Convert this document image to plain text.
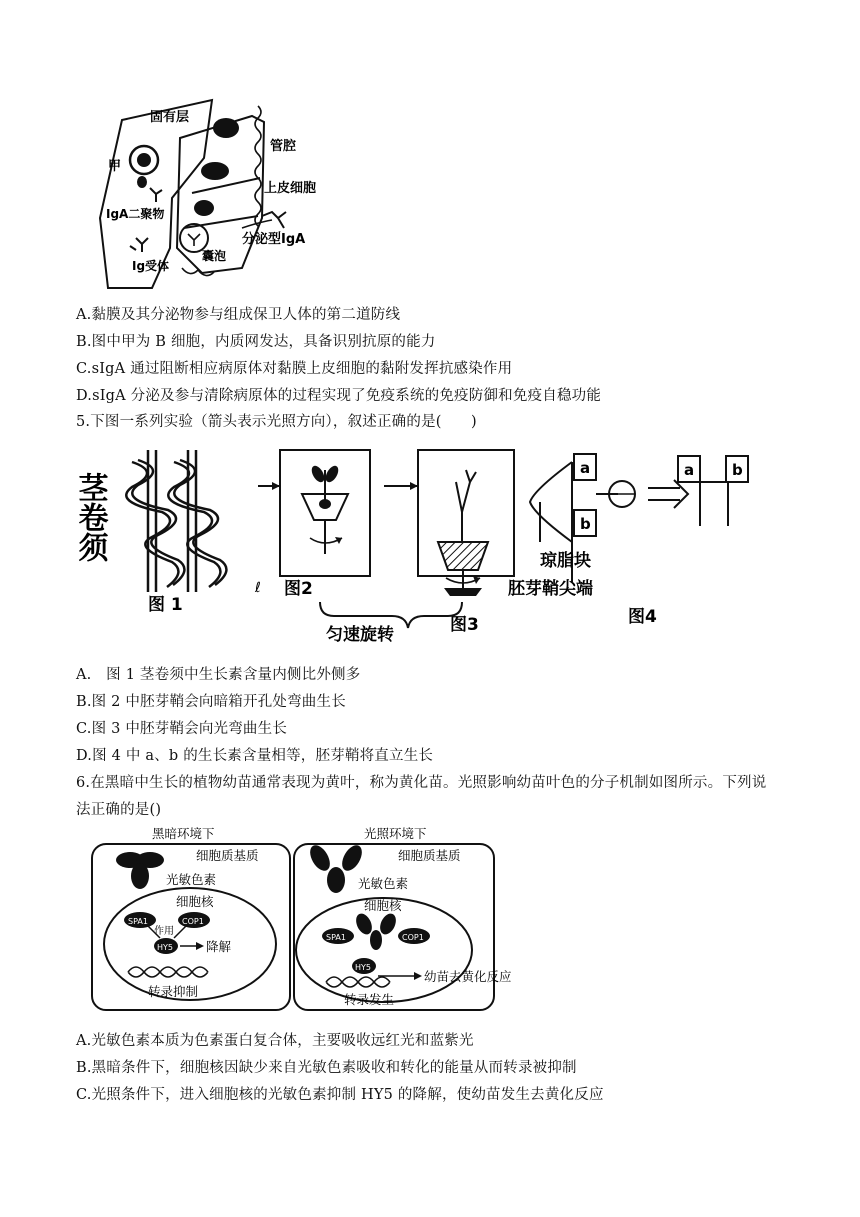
固有层
管腔
甲
上皮细胞
IgA二聚物
分泌型IgA
Ig受体
囊泡
A.黏膜及其分泌物参与组成保卫人体的第二道防线
B.图中甲为 B 细胞，内质网发达，具备识别抗原的能力
C.sIgA 通过阻断相应病原体对黏膜上皮细胞的黏附发挥抗感染作用
D.sIgA 分泌及参与清除病原体的过程实现了免疫系统的免疫防御和免疫自稳功能
5.下图一系列实验（箭头表示光照方向），叙述正确的是(　　)
茎卷须
图 1
ℓ 图2
图3
匀速旋转
a
b
琼脂块
胚芽鞘尖端
图4
a	b
A.　图 1 茎卷须中生长素含量内侧比外侧多
B.图 2 中胚芽鞘会向暗箱开孔处弯曲生长
C.图 3 中胚芽鞘会向光弯曲生长
D.图 4 中 a、b 的生长素含量相等，胚芽鞘将直立生长
6.在黑暗中生长的植物幼苗通常表现为黄叶，称为黄化苗。光照影响幼苗叶色的分子机制如图所示。下列说
法正确的是()
黑暗环境下
细胞质基质
光敏色素
细胞核
SPA1	COP1
作用
HY5	降解
转录抑制
光照环境下
细胞质基质
光敏色素
细胞核
SPA1	COP1
HY5
幼苗去黄化反应
转录发生
A.光敏色素本质为色素蛋白复合体，主要吸收远红光和蓝紫光
B.黑暗条件下，细胞核因缺少来自光敏色素吸收和转化的能量从而转录被抑制
C.光照条件下，进入细胞核的光敏色素抑制 HY5 的降解，使幼苗发生去黄化反应
